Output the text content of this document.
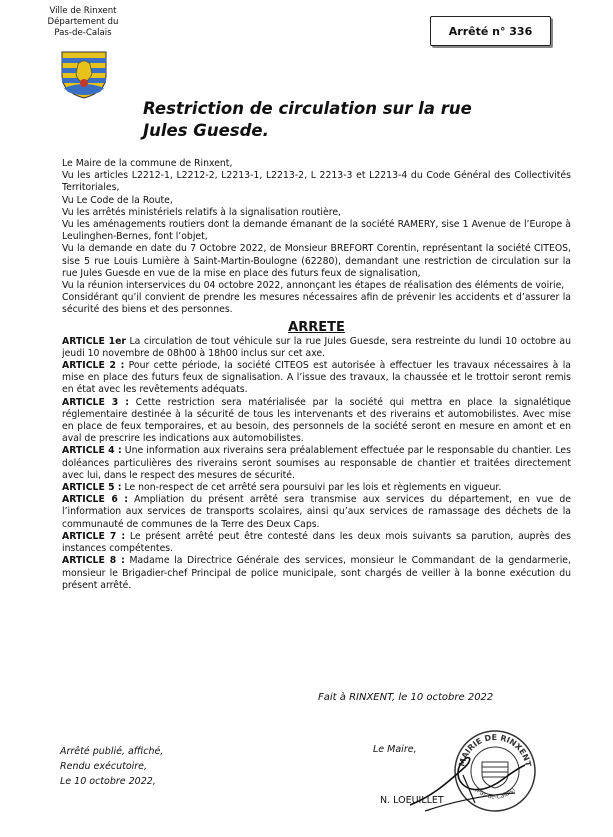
Ville de Rinxent
Département du
Pas-de-Calais	Arrêté n° 336
Restriction de circulation sur la rue Jules Guesde.

Le Maire de la commune de Rinxent,

Vu les articles L2212-1, L2212-2, L2213-1, L2213-2, L 2213-3 et L2213-4 du Code Général des Collectivités Territoriales,

Vu Le Code de la Route,

Vu les arrêtés ministériels relatifs à la signalisation routière,

Vu les aménagements routiers dont la demande émanant de la société RAMERY, sise 1 Avenue de l’Europe à Leulinghen-Bernes, font l’objet,

Vu la demande en date du 7 Octobre 2022, de Monsieur BREFORT Corentin, représentant la société CITEOS, sise 5 rue Louis Lumière à Saint-Martin-Boulogne (62280), demandant une restriction de circulation sur la rue Jules Guesde en vue de la mise en place des futurs feux de signalisation,

Vu la réunion interservices du 04 octobre 2022, annonçant les étapes de réalisation des éléments de voirie,

Considérant qu’il convient de prendre les mesures nécessaires afin de prévenir les accidents et d’assurer la sécurité des biens et des personnes.

ARRETE

ARTICLE 1er La circulation de tout véhicule sur la rue Jules Guesde, sera restreinte du lundi 10 octobre au jeudi 10 novembre de 08h00 à 18h00 inclus sur cet axe.

ARTICLE 2 : Pour cette période, la société CITEOS est autorisée à effectuer les travaux nécessaires à la mise en place des futurs feux de signalisation. A l’issue des travaux, la chaussée et le trottoir seront remis en état avec les revêtements adéquats.

ARTICLE 3 : Cette restriction sera matérialisée par la société qui mettra en place la signalétique réglementaire destinée à la sécurité de tous les intervenants et des riverains et automobilistes. Avec mise en place de feux temporaires, et au besoin, des personnels de la société seront en mesure en amont et en aval de prescrire les indications aux automobilistes.

ARTICLE 4 : Une information aux riverains sera préalablement effectuée par le responsable du chantier. Les doléances particulières des riverains seront soumises au responsable de chantier et traitées directement avec lui, dans le respect des mesures de sécurité.

ARTICLE 5 : Le non-respect de cet arrêté sera poursuivi par les lois et règlements en vigueur.

ARTICLE 6 : Ampliation du présent arrêté sera transmise aux services du département, en vue de l’information aux services de transports scolaires, ainsi qu’aux services de ramassage des déchets de la communauté de communes de la Terre des Deux Caps.

ARTICLE 7 : Le présent arrêté peut être contesté dans les deux mois suivants sa parution, auprès des instances compétentes.

ARTICLE 8 : Madame la Directrice Générale des services, monsieur le Commandant de la gendarmerie, monsieur le Brigadier-chef Principal de police municipale, sont chargés de veiller à la bonne exécution du présent arrêté.

Fait à RINXENT, le 10 octobre 2022
Arrêté publié, affiché,
Rendu exécutoire,
Le 10 octobre 2022,
Le Maire,
MAIRIE DE RINXENT
(Pas-de-Calais)
N. LOEUILLET
